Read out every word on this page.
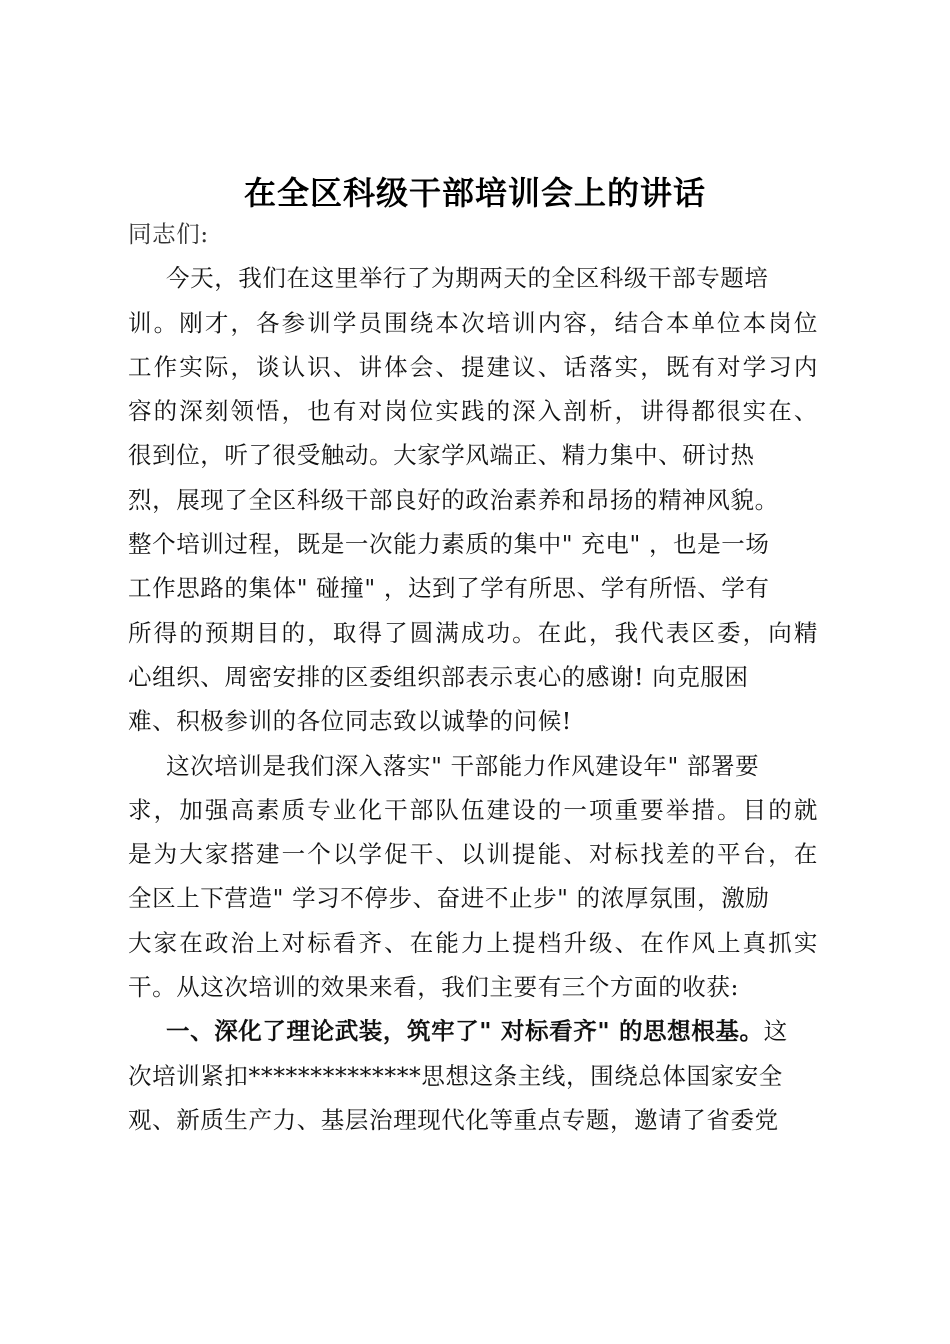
在全区科级干部培训会上的讲话
同志们:
今天，我们在这里举行了为期两天的全区科级干部专题培
训。刚才，各参训学员围绕本次培训内容，结合本单位本岗位
工作实际，谈认识、讲体会、提建议、话落实，既有对学习内
容的深刻领悟，也有对岗位实践的深入剖析，讲得都很实在、
很到位，听了很受触动。大家学风端正、精力集中、研讨热
烈，展现了全区科级干部良好的政治素养和昂扬的精神风貌。
整个培训过程，既是一次能力素质的集中" 充电" ，也是一场
工作思路的集体" 碰撞" ，达到了学有所思、学有所悟、学有
所得的预期目的，取得了圆满成功。在此，我代表区委，向精
心组织、周密安排的区委组织部表示衷心的感谢! 向克服困
难、积极参训的各位同志致以诚挚的问候!
这次培训是我们深入落实" 干部能力作风建设年" 部署要
求，加强高素质专业化干部队伍建设的一项重要举措。目的就
是为大家搭建一个以学促干、以训提能、对标找差的平台，在
全区上下营造" 学习不停步、奋进不止步" 的浓厚氛围，激励
大家在政治上对标看齐、在能力上提档升级、在作风上真抓实
干。从这次培训的效果来看，我们主要有三个方面的收获:
一、深化了理论武装，筑牢了" 对标看齐" 的思想根基。这
次培训紧扣**************思想这条主线，围绕总体国家安全
观、新质生产力、基层治理现代化等重点专题，邀请了省委党
